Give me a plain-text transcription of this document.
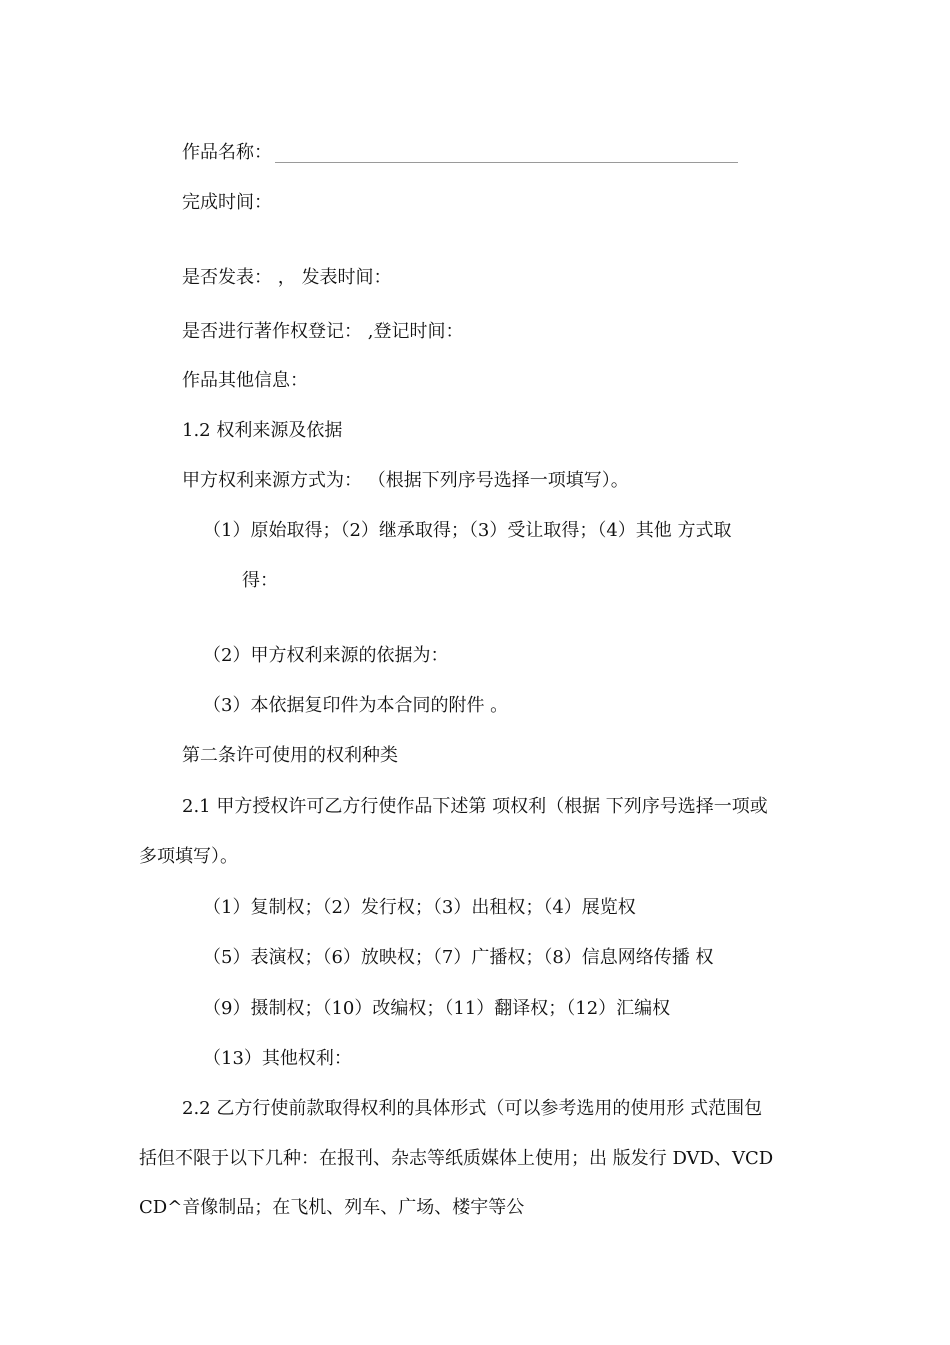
作品名称：
完成时间：
是否发表： ， 发表时间：
是否进行著作权登记： ,登记时间：
作品其他信息：
1.2 权利来源及依据
甲方权利来源方式为： （根据下列序号选择一项填写）。
（1）原始取得；（2）继承取得；（3）受让取得；（4）其他 方式取
得：
（2）甲方权利来源的依据为：
（3）本依据复印件为本合同的附件 。
第二条许可使用的权利种类
2.1 甲方授权许可乙方行使作品下述第 项权利（根据 下列序号选择一项或
多项填写）。
（1）复制权；（2）发行权；（3）出租权；（4）展览权
（5）表演权；（6）放映权；（7）广播权；（8）信息网络传播 权
（9）摄制权；（10）改编权；（11）翻译权；（12）汇编权
（13）其他权利：
2.2 乙方行使前款取得权利的具体形式（可以参考选用的使用形 式范围包
括但不限于以下几种：在报刊、杂志等纸质媒体上使用；出 版发行 DVD、VCD
CD^音像制品；在飞机、列车、广场、楼宇等公
